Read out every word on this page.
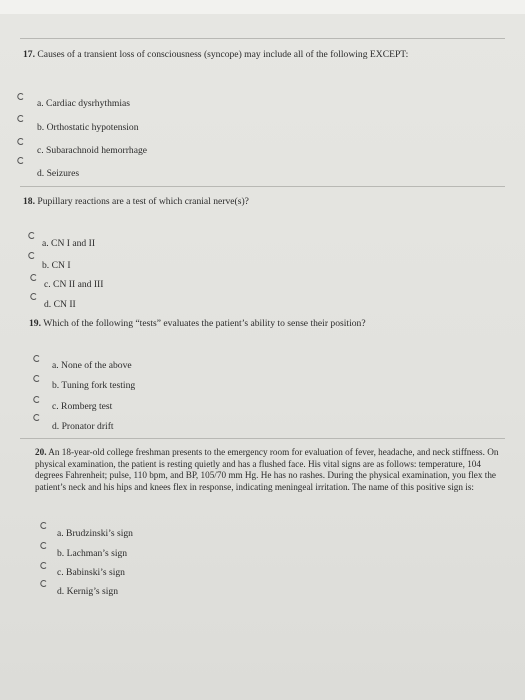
17. Causes of a transient loss of consciousness (syncope) may include all of the following EXCEPT:
a. Cardiac dysrhythmias
b. Orthostatic hypotension
c. Subarachnoid hemorrhage
d. Seizures
18. Pupillary reactions are a test of which cranial nerve(s)?
a. CN I and II
b. CN I
c. CN II and III
d. CN II
19. Which of the following “tests” evaluates the patient’s ability to sense their position?
a. None of the above
b. Tuning fork testing
c. Romberg test
d. Pronator drift
20. An 18-year-old college freshman presents to the emergency room for evaluation of fever, headache, and neck stiffness. On physical examination, the patient is resting quietly and has a flushed face. His vital signs are as follows: temperature, 104 degrees Fahrenheit; pulse, 110 bpm, and BP, 105/70 mm Hg. He has no rashes. During the physical examination, you flex the patient’s neck and his hips and knees flex in response, indicating meningeal irritation. The name of this positive sign is:
a. Brudzinski’s sign
b. Lachman’s sign
c. Babinski’s sign
d. Kernig’s sign
